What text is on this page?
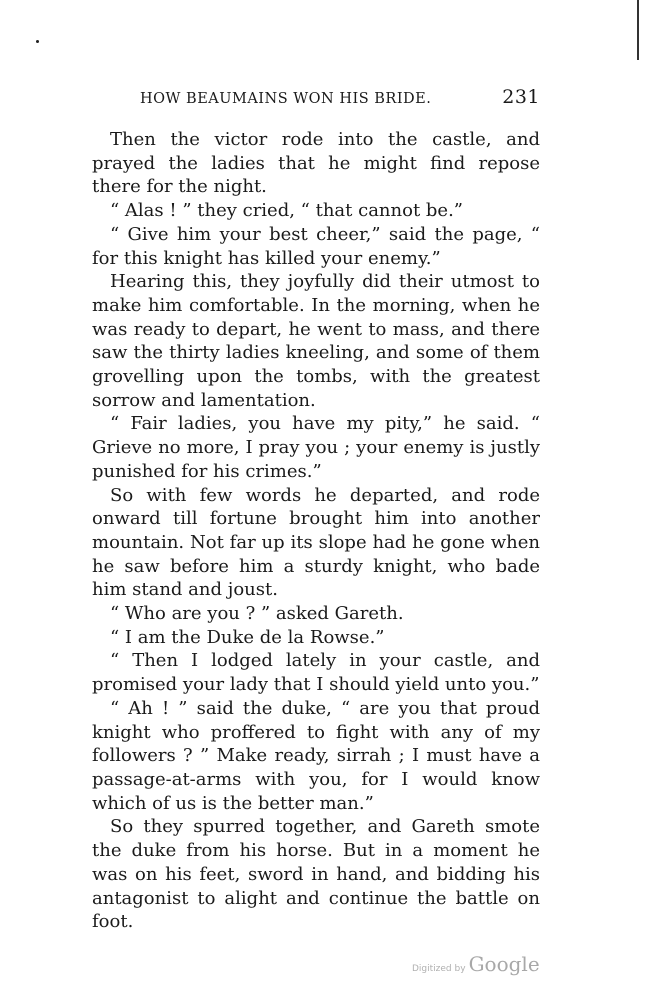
HOW BEAUMAINS WON HIS BRIDE.	231

Then the victor rode into the castle, and prayed the ladies that he might find repose there for the night.

“ Alas ! ” they cried, “ that cannot be.”

“ Give him your best cheer,” said the page, “ for this knight has killed your enemy.”

Hearing this, they joyfully did their utmost to make him comfortable. In the morning, when he was ready to depart, he went to mass, and there saw the thirty ladies kneeling, and some of them grovelling upon the tombs, with the greatest sorrow and lamentation.

“ Fair ladies, you have my pity,” he said. “ Grieve no more, I pray you ; your enemy is justly punished for his crimes.”

So with few words he departed, and rode onward till fortune brought him into another mountain. Not far up its slope had he gone when he saw before him a sturdy knight, who bade him stand and joust.

“ Who are you ? ” asked Gareth.

“ I am the Duke de la Rowse.”

“ Then I lodged lately in your castle, and promised your lady that I should yield unto you.”

“ Ah ! ” said the duke, “ are you that proud knight who proffered to fight with any of my followers ? ” Make ready, sirrah ; I must have a passage-at-arms with you, for I would know which of us is the better man.”

So they spurred together, and Gareth smote the duke from his horse. But in a moment he was on his feet, sword in hand, and bidding his antagonist to alight and continue the battle on foot.

Digitized by Google
